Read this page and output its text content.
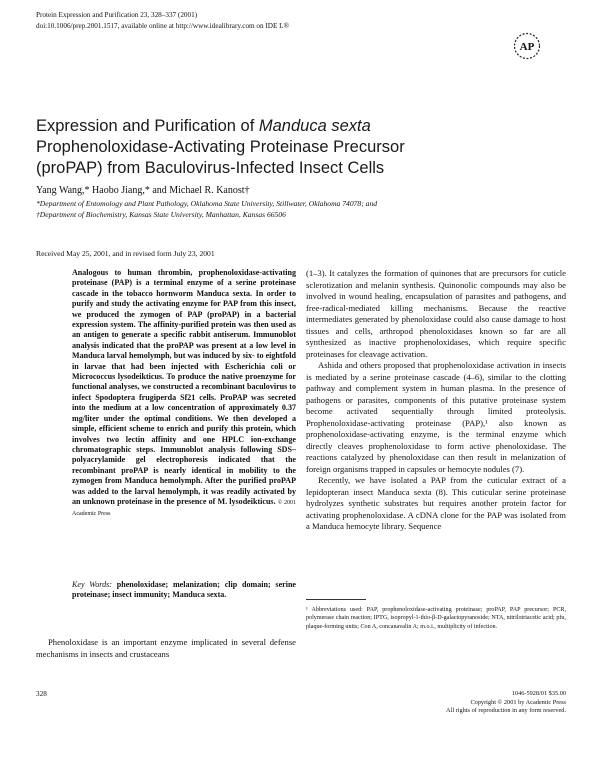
Protein Expression and Purification 23, 328–337 (2001)
doi:10.1006/prep.2001.1517, available online at http://www.idealibrary.com on IDE L®
AP
Expression and Purification of Manduca sexta
Prophenoloxidase-Activating Proteinase Precursor
(proPAP) from Baculovirus-Infected Insect Cells
Yang Wang,* Haobo Jiang,* and Michael R. Kanost†
*Department of Entomology and Plant Pathology, Oklahoma State University, Stillwater, Oklahoma 74078; and
†Department of Biochemistry, Kansas State University, Manhattan, Kansas 66506
Received May 25, 2001, and in revised form July 23, 2001
Analogous to human thrombin, prophenoloxidase-activating proteinase (PAP) is a terminal enzyme of a serine proteinase cascade in the tobacco hornworm Manduca sexta. In order to purify and study the activating enzyme for PAP from this insect, we produced the zymogen of PAP (proPAP) in a bacterial expression system. The affinity-purified protein was then used as an antigen to generate a specific rabbit antiserum. Immunoblot analysis indicated that the proPAP was present at a low level in Manduca larval hemolymph, but was induced by six- to eightfold in larvae that had been injected with Escherichia coli or Micrococcus lysodeikticus. To produce the native proenzyme for functional analyses, we constructed a recombinant baculovirus to infect Spodoptera frugiperda Sf21 cells. ProPAP was secreted into the medium at a low concentration of approximately 0.37 mg/liter under the optimal conditions. We then developed a simple, efficient scheme to enrich and purify this protein, which involves two lectin affinity and one HPLC ion-exchange chromatographic steps. Immunoblot analysis following SDS–polyacrylamide gel electrophoresis indicated that the recombinant proPAP is nearly identical in mobility to the zymogen from Manduca hemolymph. After the purified proPAP was added to the larval hemolymph, it was readily activated by an unknown proteinase in the presence of M. lysodeikticus. © 2001 Academic Press
Key Words: phenoloxidase; melanization; clip domain; serine proteinase; insect immunity; Manduca sexta.
Phenoloxidase is an important enzyme implicated in several defense mechanisms in insects and crustaceans

(1–3). It catalyzes the formation of quinones that are precursors for cuticle sclerotization and melanin synthesis. Quinonolic compounds may also be involved in wound healing, encapsulation of parasites and pathogens, and free-radical-mediated killing mechanisms. Because the reactive intermediates generated by phenoloxidase could also cause damage to host tissues and cells, arthropod phenoloxidases known so far are all synthesized as inactive prophenoloxidases, which require specific proteinases for cleavage activation.

Ashida and others proposed that prophenoloxidase activation in insects is mediated by a serine proteinase cascade (4–6), similar to the clotting pathway and complement system in human plasma. In the presence of pathogens or parasites, components of this putative proteinase system become activated sequentially through limited proteolysis. Prophenoloxidase-activating proteinase (PAP),¹ also known as prophenoloxidase-activating enzyme, is the terminal enzyme which directly cleaves prophenoloxidase to form active phenoloxidase. The reactions catalyzed by phenoloxidase can then result in melanization of foreign organisms trapped in capsules or hemocyte nodules (7).

Recently, we have isolated a PAP from the cuticular extract of a lepidopteran insect Manduca sexta (8). This cuticular serine proteinase hydrolyzes synthetic substrates but requires another protein factor for activating prophenoloxidase. A cDNA clone for the PAP was isolated from a Manduca hemocyte library. Sequence

¹ Abbreviations used: PAP, prophenoloxidase-activating proteinase; proPAP, PAP precursor; PCR, polymerase chain reaction; IPTG, isopropyl-1-thio-β-D-galactopyranoside; NTA, nitrilotriacetic acid; pfu, plaque-forming units; Con A, concanavalin A; m.o.i., multiplicity of infection.
328	1046-5928/01 $35.00
Copyright © 2001 by Academic Press
All rights of reproduction in any form reserved.
